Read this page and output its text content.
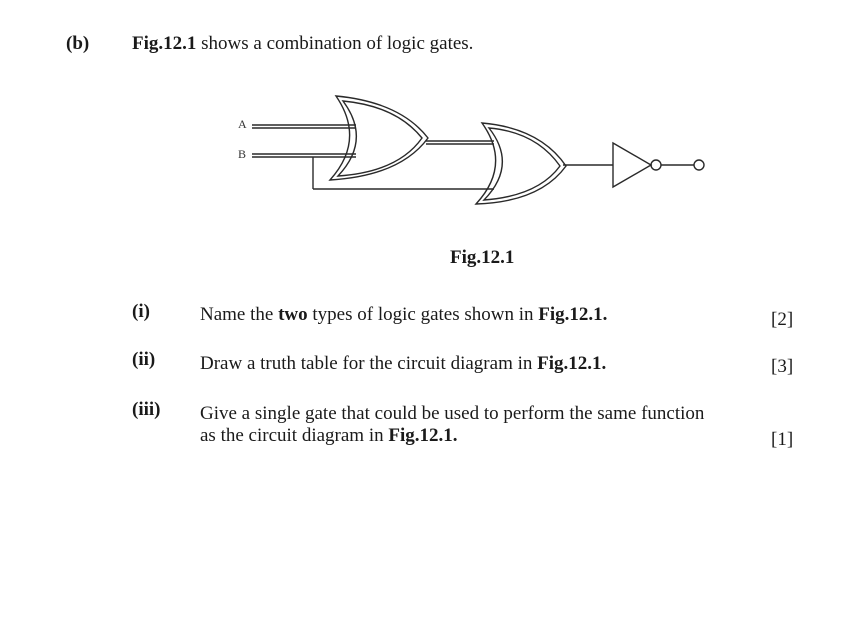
(b) Fig.12.1 shows a combination of logic gates.
A
B
Fig.12.1
(i)	Name the two types of logic gates shown in Fig.12.1.	[2]
(ii) Draw a truth table for the circuit diagram in Fig.12.1.	[3]
(iii) Give a single gate that could be used to perform the same function
as the circuit diagram in Fig.12.1.	[1]
